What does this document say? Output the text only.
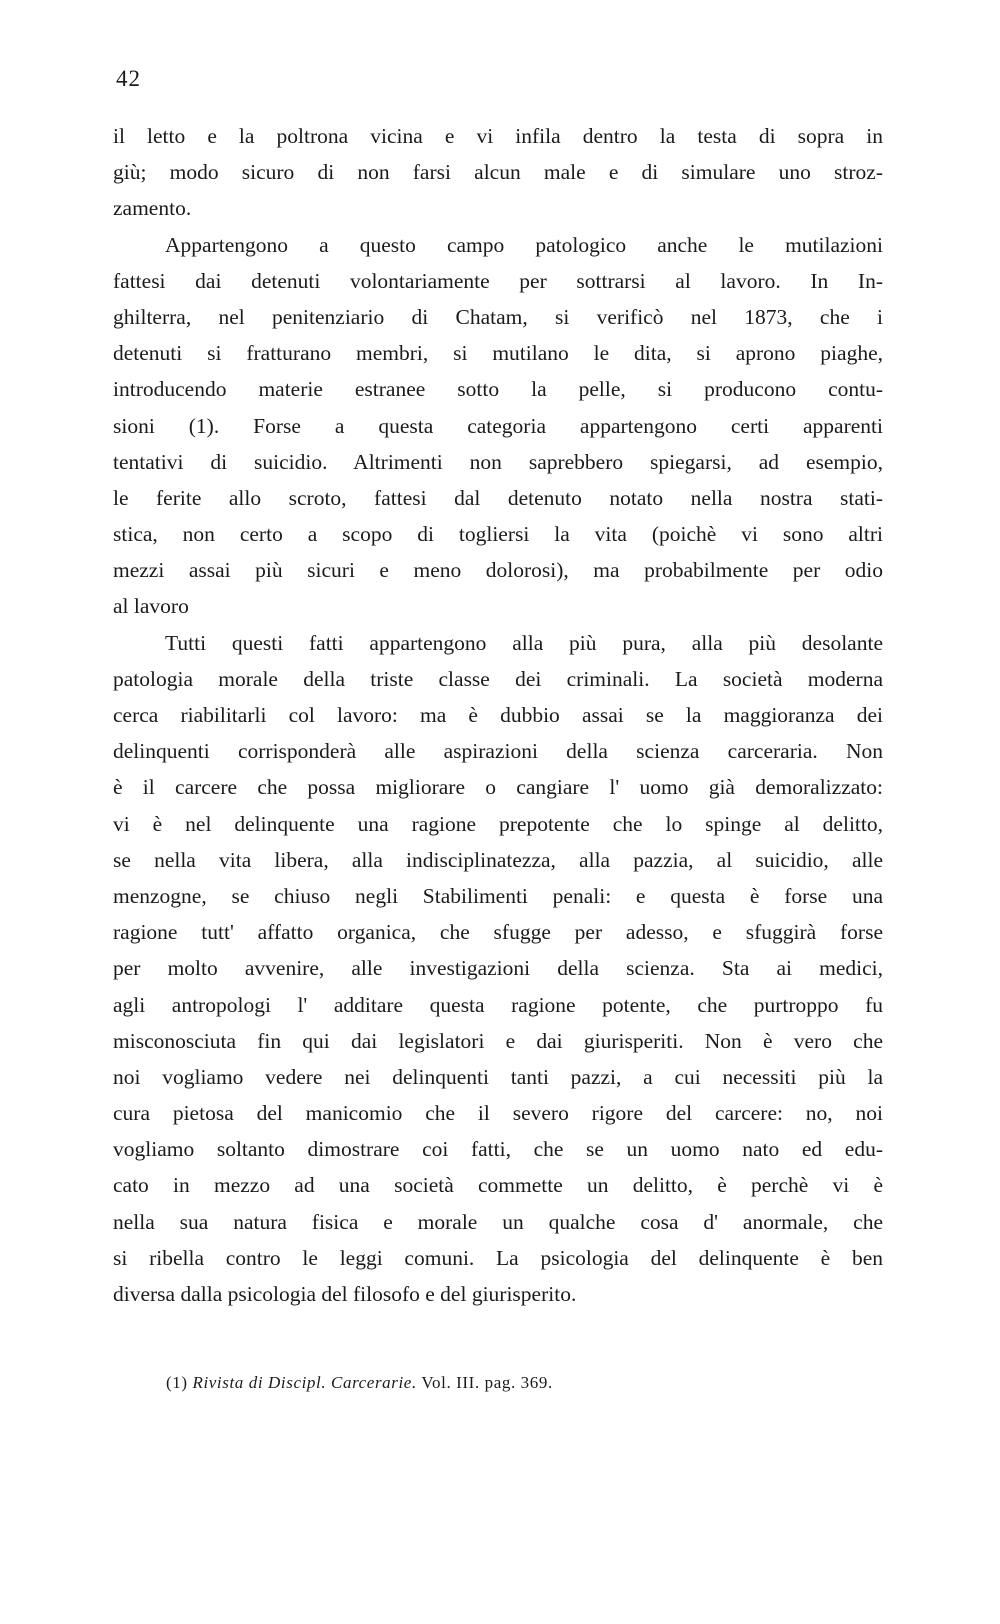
42
il letto e la poltrona vicina e vi infila dentro la testa di sopra in
giù; modo sicuro di non farsi alcun male e di simulare uno stroz-
zamento.
Appartengono a questo campo patologico anche le mutilazioni
fattesi dai detenuti volontariamente per sottrarsi al lavoro. In In-
ghilterra, nel penitenziario di Chatam, si verificò nel 1873, che i
detenuti si fratturano membri, si mutilano le dita, si aprono piaghe,
introducendo materie estranee sotto la pelle, si producono contu-
sioni (1). Forse a questa categoria appartengono certi apparenti
tentativi di suicidio. Altrimenti non saprebbero spiegarsi, ad esempio,
le ferite allo scroto, fattesi dal detenuto notato nella nostra stati-
stica, non certo a scopo di togliersi la vita (poichè vi sono altri
mezzi assai più sicuri e meno dolorosi), ma probabilmente per odio
al lavoro
Tutti questi fatti appartengono alla più pura, alla più desolante
patologia morale della triste classe dei criminali. La società moderna
cerca riabilitarli col lavoro: ma è dubbio assai se la maggioranza dei
delinquenti corrisponderà alle aspirazioni della scienza carceraria. Non
è il carcere che possa migliorare o cangiare l' uomo già demoralizzato:
vi è nel delinquente una ragione prepotente che lo spinge al delitto,
se nella vita libera, alla indisciplinatezza, alla pazzia, al suicidio, alle
menzogne, se chiuso negli Stabilimenti penali: e questa è forse una
ragione tutt' affatto organica, che sfugge per adesso, e sfuggirà forse
per molto avvenire, alle investigazioni della scienza. Sta ai medici,
agli antropologi l' additare questa ragione potente, che purtroppo fu
misconosciuta fin qui dai legislatori e dai giurisperiti. Non è vero che
noi vogliamo vedere nei delinquenti tanti pazzi, a cui necessiti più la
cura pietosa del manicomio che il severo rigore del carcere: no, noi
vogliamo soltanto dimostrare coi fatti, che se un uomo nato ed edu-
cato in mezzo ad una società commette un delitto, è perchè vi è
nella sua natura fisica e morale un qualche cosa d' anormale, che
si ribella contro le leggi comuni. La psicologia del delinquente è ben
diversa dalla psicologia del filosofo e del giurisperito.
(1) Rivista di Discipl. Carcerarie. Vol. III. pag. 369.
